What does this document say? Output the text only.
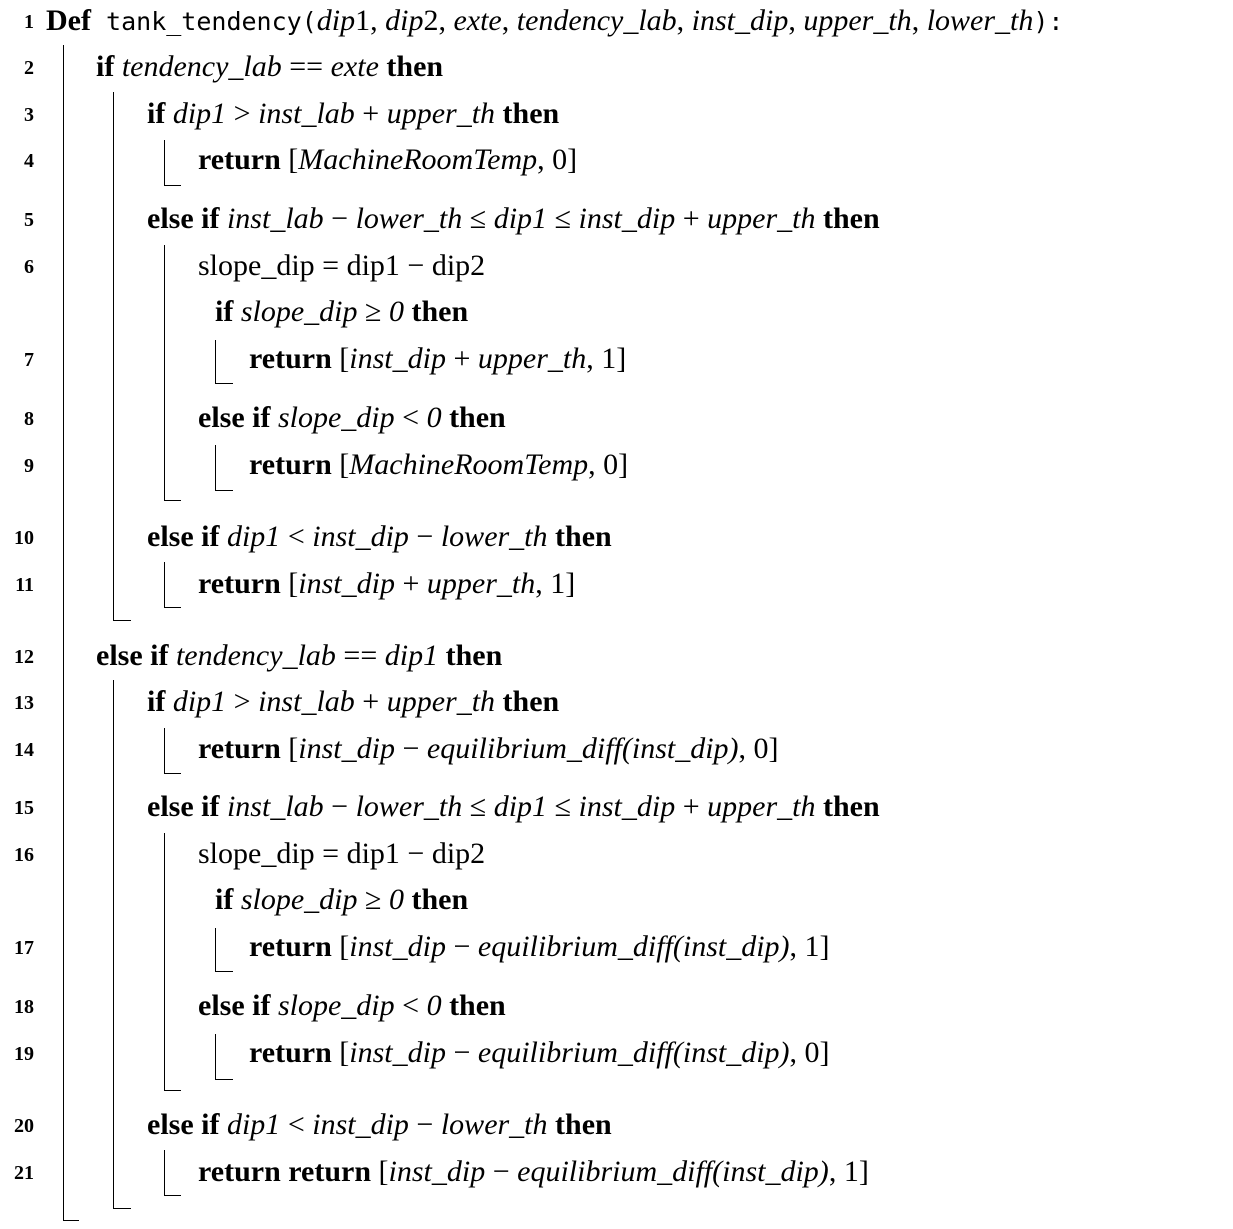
1 Def tank_tendency(dip1, dip2, exte, tendency_lab, inst_dip, upper_th, lower_th):
2 if tendency_lab == exte then
3	if dip1 > inst_lab + upper_th then
4	return [MachineRoomTemp, 0]
5	else if inst_lab − lower_th ≤ dip1 ≤ inst_dip + upper_th then
6	slope_dip = dip1 − dip2
if slope_dip ≥ 0 then
7	return [inst_dip + upper_th, 1]
8	else if slope_dip < 0 then
9	return [MachineRoomTemp, 0]
10	else if dip1 < inst_dip − lower_th then
11	return [inst_dip + upper_th, 1]
12 else if tendency_lab == dip1 then
13	if dip1 > inst_lab + upper_th then
14	return [inst_dip − equilibrium_diff(inst_dip), 0]
15	else if inst_lab − lower_th ≤ dip1 ≤ inst_dip + upper_th then
16	slope_dip = dip1 − dip2
if slope_dip ≥ 0 then
17	return [inst_dip − equilibrium_diff(inst_dip), 1]
18	else if slope_dip < 0 then
19	return [inst_dip − equilibrium_diff(inst_dip), 0]
20	else if dip1 < inst_dip − lower_th then
21	return return [inst_dip − equilibrium_diff(inst_dip), 1]
